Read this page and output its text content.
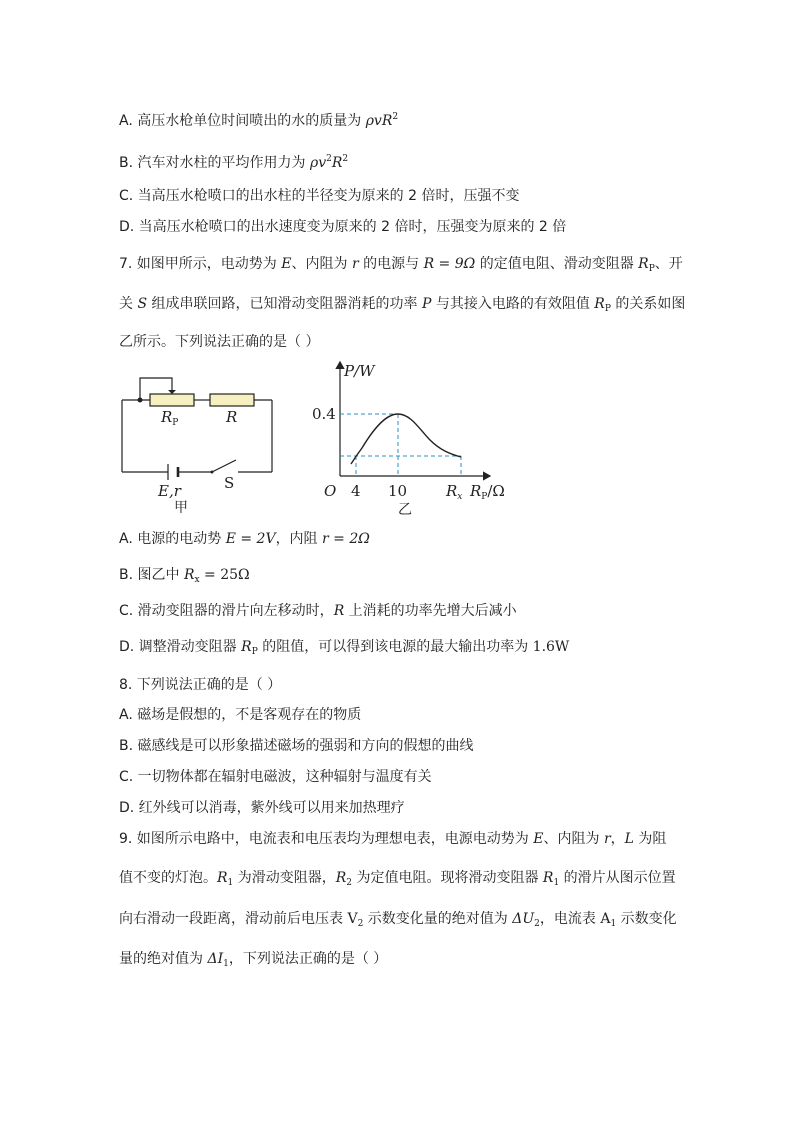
A. 高压水枪单位时间喷出的水的质量为 ρvR$^2$
B. 汽车对水柱的平均作用力为 $\rho v^2R^2$
C. 当高压水枪喷口的出水柱的半径变为原来的 2 倍时，压强不变
D. 当高压水枪喷口的出水速度变为原来的 2 倍时，压强变为原来的 2 倍
7. 如图甲所示，电动势为 E、内阻为 r 的电源与 R = 9Ω 的定值电阻、滑动变阻器 $R_P$、开
关 S 组成串联回路，已知滑动变阻器消耗的功率 P 与其接入电路的有效阻值 $R_P$ 的关系如图
乙所示。下列说法正确的是（ ）
$R_P$	R
E,r	S
甲
P/W
0.4
O 4 10	$R_x$ $R_P/\Omega$
乙
A. 电源的电动势 E = 2V，内阻 r = 2Ω
B. 图乙中 $R_x = 25\Omega$
C. 滑动变阻器的滑片向左移动时，R 上消耗的功率先增大后减小
D. 调整滑动变阻器 $R_P$ 的阻值，可以得到该电源的最大输出功率为 1.6W
8. 下列说法正确的是（ ）
A. 磁场是假想的，不是客观存在的物质
B. 磁感线是可以形象描述磁场的强弱和方向的假想的曲线
C. 一切物体都在辐射电磁波，这种辐射与温度有关
D. 红外线可以消毒，紫外线可以用来加热理疗
9. 如图所示电路中，电流表和电压表均为理想电表，电源电动势为 E、内阻为 r，L 为阻
值不变的灯泡。$R_1$ 为滑动变阻器，$R_2$ 为定值电阻。现将滑动变阻器 $R_1$ 的滑片从图示位置
向右滑动一段距离，滑动前后电压表 $V_2$ 示数变化量的绝对值为 $\Delta U_2$，电流表 $A_1$ 示数变化
量的绝对值为 $\Delta I_1$，下列说法正确的是（ ）
